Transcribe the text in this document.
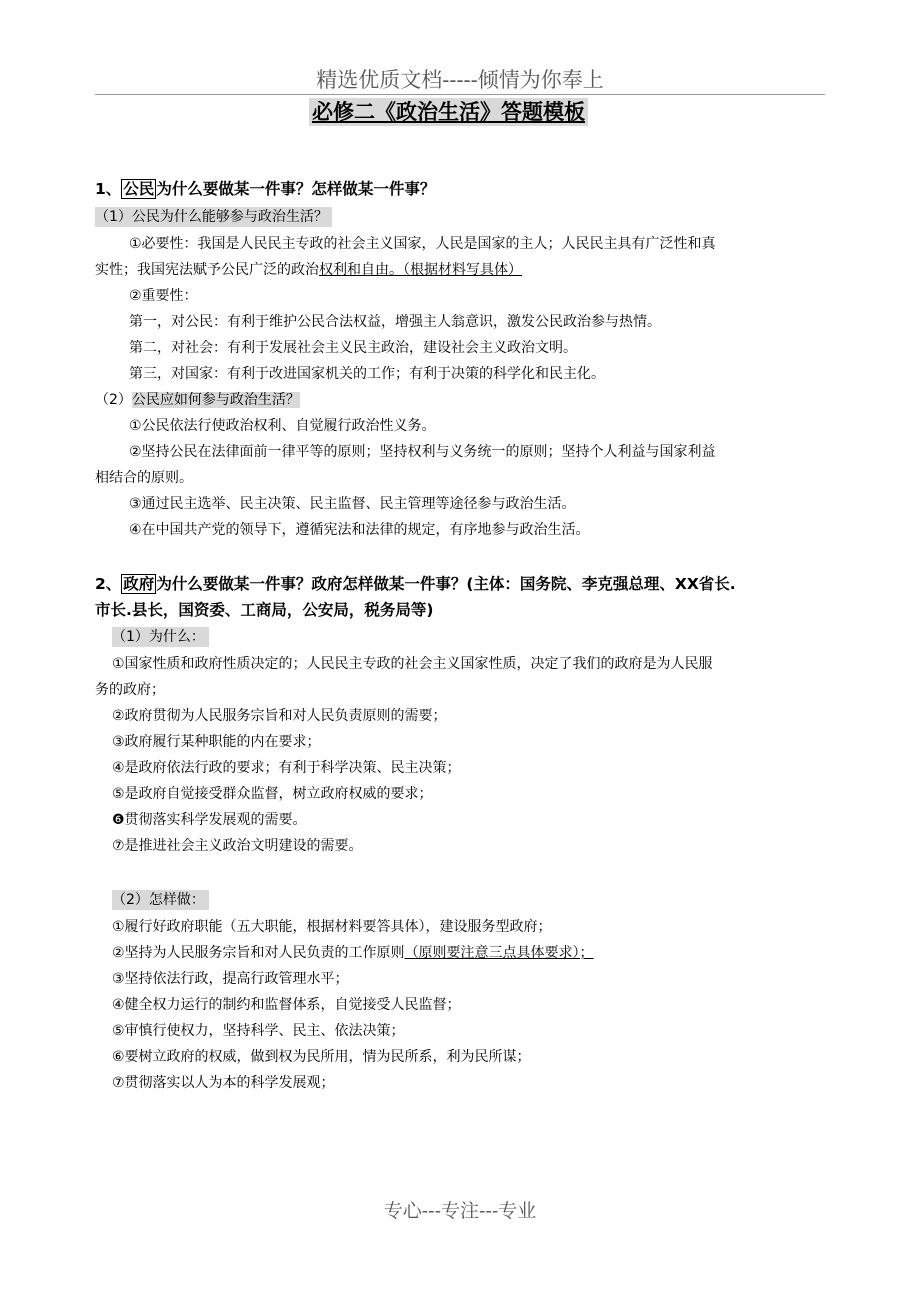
精选优质文档-----倾情为你奉上
必修二《政治生活》答题模板
1、 公民 为什么要做某一件事？怎样做某一件事？
（1）公民为什么能够参与政治生活？
①必要性：我国是人民民主专政的社会主义国家，人民是国家的主人；人民民主具有广泛性和真
实性；我国宪法赋予公民广泛的政治权利和自由。（根据材料写具体）
②重要性：
第一，对公民：有利于维护公民合法权益，增强主人翁意识，激发公民政治参与热情。
第二，对社会：有利于发展社会主义民主政治，建设社会主义政治文明。
第三，对国家：有利于改进国家机关的工作；有利于决策的科学化和民主化。
（2）公民应如何参与政治生活？
①公民依法行使政治权利、自觉履行政治性义务。
②坚持公民在法律面前一律平等的原则；坚持权利与义务统一的原则；坚持个人利益与国家利益
相结合的原则。
③通过民主选举、民主决策、民主监督、民主管理等途径参与政治生活。
④在中国共产党的领导下，遵循宪法和法律的规定，有序地参与政治生活。
2、 政府 为什么要做某一件事？政府怎样做某一件事？(主体：国务院、李克强总理、XX省长.
市长.县长，国资委、工商局，公安局，税务局等)
（1）为什么：
①国家性质和政府性质决定的；人民民主专政的社会主义国家性质，决定了我们的政府是为人民服
务的政府；
②政府贯彻为人民服务宗旨和对人民负责原则的需要；
③政府履行某种职能的内在要求；
④是政府依法行政的要求；有利于科学决策、民主决策；
⑤是政府自觉接受群众监督，树立政府权威的要求；
❻贯彻落实科学发展观的需要。
⑦是推进社会主义政治文明建设的需要。
（2）怎样做：
①履行好政府职能（五大职能，根据材料要答具体），建设服务型政府；
②坚持为人民服务宗旨和对人民负责的工作原则（原则要注意三点具体要求）；
③坚持依法行政，提高行政管理水平；
④健全权力运行的制约和监督体系，自觉接受人民监督；
⑤审慎行使权力，坚持科学、民主、依法决策；
⑥要树立政府的权威，做到权为民所用，情为民所系，利为民所谋；
⑦贯彻落实以人为本的科学发展观；
专心---专注---专业
